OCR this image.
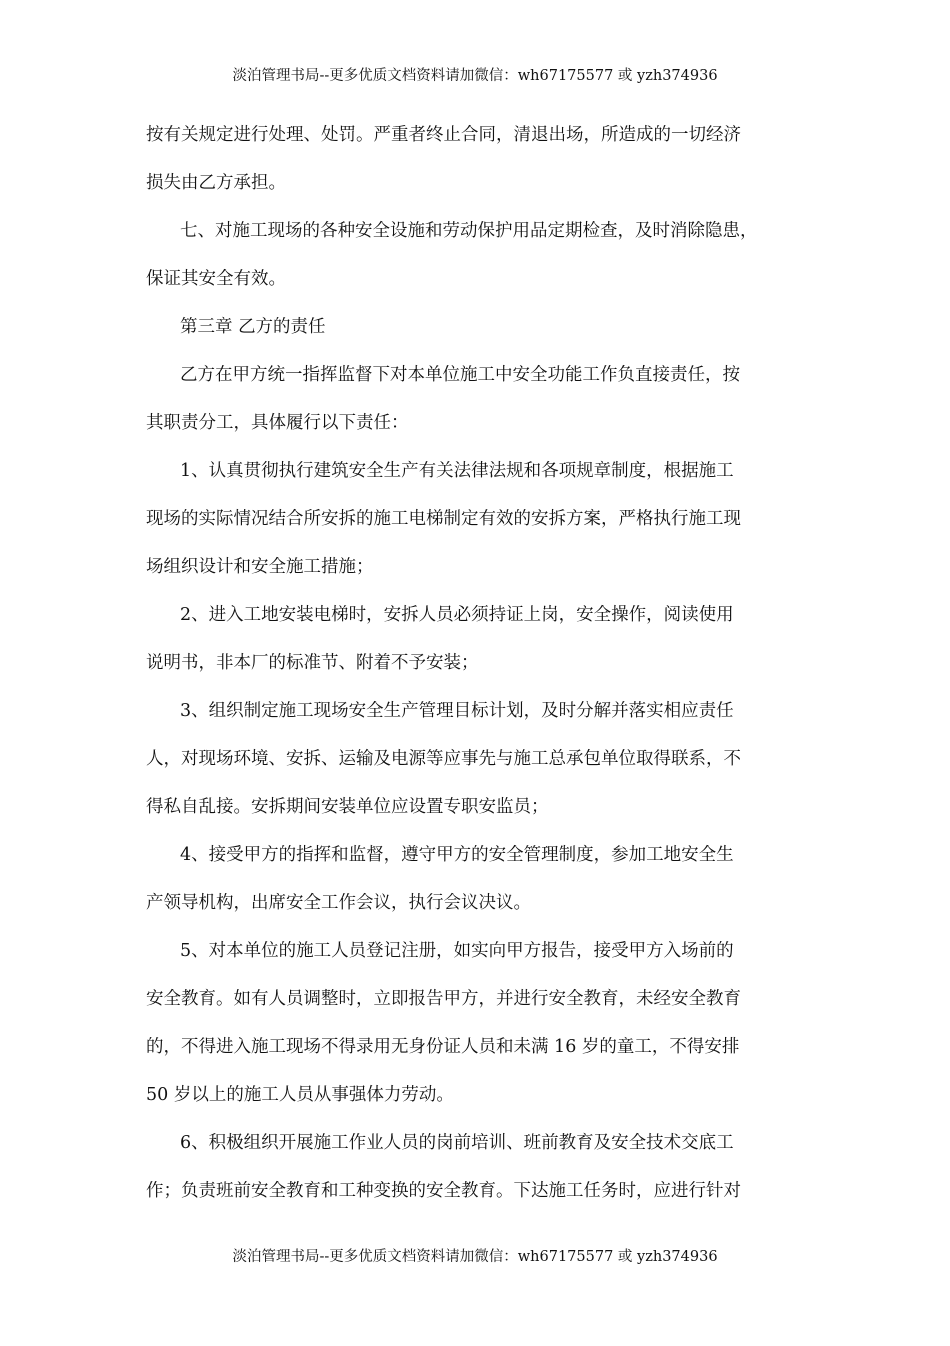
淡泊管理书局--更多优质文档资料请加微信：wh67175577 或 yzh374936
按有关规定进行处理、处罚。严重者终止合同，清退出场，所造成的一切经济
损失由乙方承担。
七、对施工现场的各种安全设施和劳动保护用品定期检查，及时消除隐患，
保证其安全有效。
第三章 乙方的责任
乙方在甲方统一指挥监督下对本单位施工中安全功能工作负直接责任，按
其职责分工，具体履行以下责任：
1、认真贯彻执行建筑安全生产有关法律法规和各项规章制度，根据施工
现场的实际情况结合所安拆的施工电梯制定有效的安拆方案，严格执行施工现
场组织设计和安全施工措施；
2、进入工地安装电梯时，安拆人员必须持证上岗，安全操作，阅读使用
说明书，非本厂的标准节、附着不予安装；
3、组织制定施工现场安全生产管理目标计划，及时分解并落实相应责任
人，对现场环境、安拆、运输及电源等应事先与施工总承包单位取得联系，不
得私自乱接。安拆期间安装单位应设置专职安监员；
4、接受甲方的指挥和监督，遵守甲方的安全管理制度，参加工地安全生
产领导机构，出席安全工作会议，执行会议决议。
5、对本单位的施工人员登记注册，如实向甲方报告，接受甲方入场前的
安全教育。如有人员调整时，立即报告甲方，并进行安全教育，未经安全教育
的，不得进入施工现场不得录用无身份证人员和未满 16 岁的童工，不得安排
50 岁以上的施工人员从事强体力劳动。
6、积极组织开展施工作业人员的岗前培训、班前教育及安全技术交底工
作；负责班前安全教育和工种变换的安全教育。下达施工任务时，应进行针对
淡泊管理书局--更多优质文档资料请加微信：wh67175577 或 yzh374936
